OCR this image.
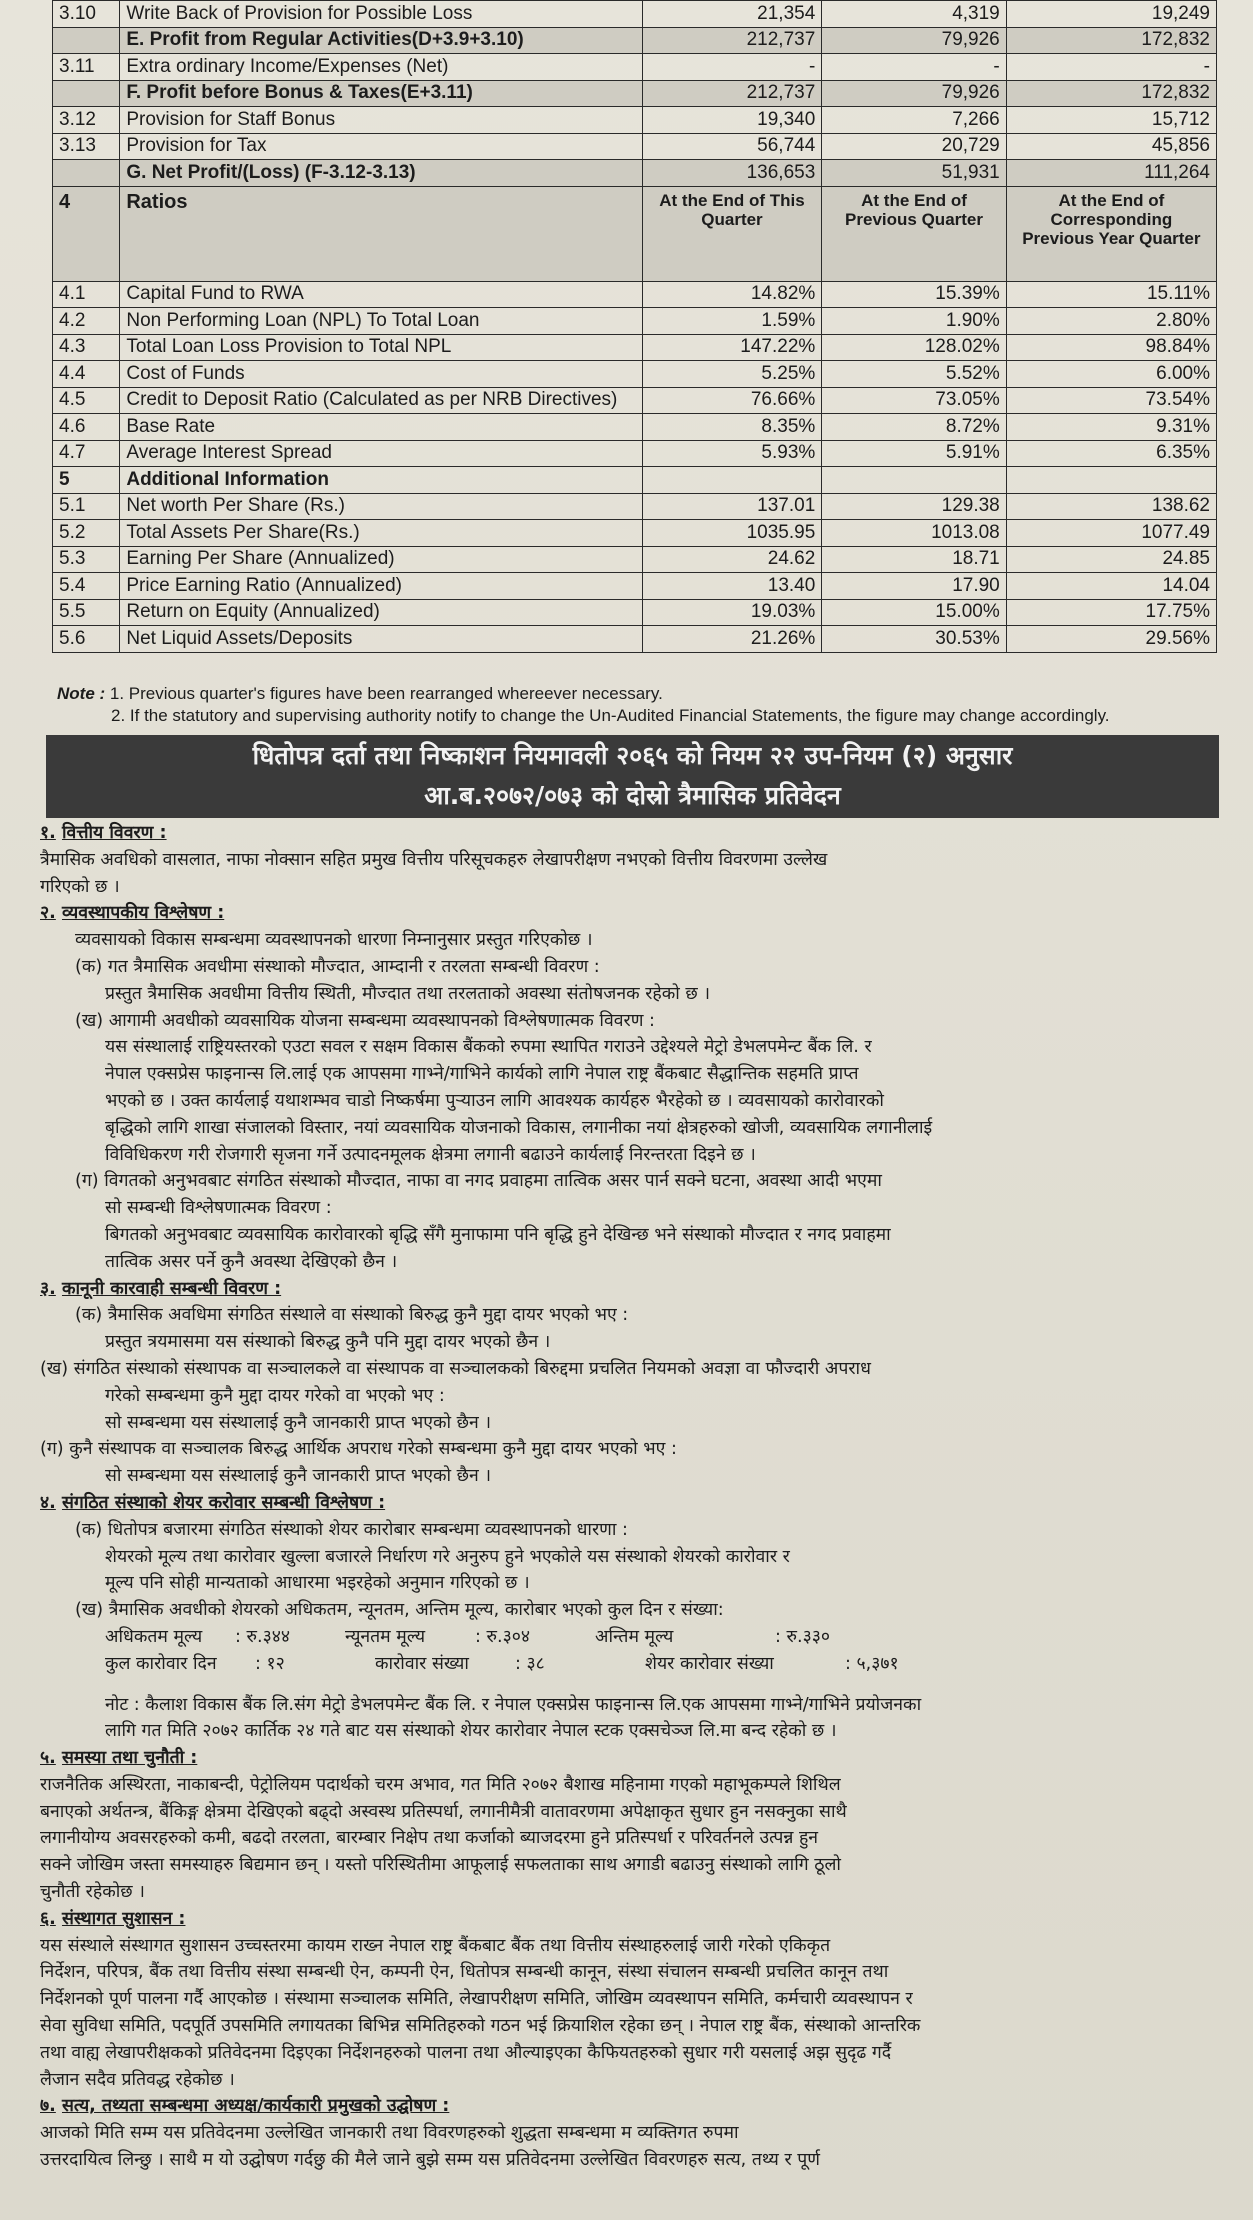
3.10	Write Back of Provision for Possible Loss	21,354	4,319	19,249
	E. Profit from Regular Activities(D+3.9+3.10)	212,737	79,926	172,832
3.11	Extra ordinary Income/Expenses (Net)	-	-	-
	F. Profit before Bonus & Taxes(E+3.11)	212,737	79,926	172,832
3.12	Provision for Staff Bonus	19,340	7,266	15,712
3.13	Provision for Tax	56,744	20,729	45,856
	G. Net Profit/(Loss) (F-3.12-3.13)	136,653	51,931	111,264
4	Ratios	At the End of This Quarter	At the End of Previous Quarter	At the End of Corresponding Previous Year Quarter
4.1	Capital Fund to RWA	14.82%	15.39%	15.11%
4.2	Non Performing Loan (NPL) To Total Loan	1.59%	1.90%	2.80%
4.3	Total Loan Loss Provision to Total NPL	147.22%	128.02%	98.84%
4.4	Cost of Funds	5.25%	5.52%	6.00%
4.5	Credit to Deposit Ratio (Calculated as per NRB Directives)	76.66%	73.05%	73.54%
4.6	Base Rate	8.35%	8.72%	9.31%
4.7	Average Interest Spread	5.93%	5.91%	6.35%
5	Additional Information			
5.1	Net worth Per Share (Rs.)	137.01	129.38	138.62
5.2	Total Assets Per Share(Rs.)	1035.95	1013.08	1077.49
5.3	Earning Per Share (Annualized)	24.62	18.71	24.85
5.4	Price Earning Ratio (Annualized)	13.40	17.90	14.04
5.5	Return on Equity (Annualized)	19.03%	15.00%	17.75%
5.6	Net Liquid Assets/Deposits	21.26%	30.53%	29.56%
Note : 1. Previous quarter's figures have been rearranged whereever necessary.
2. If the statutory and supervising authority notify to change the Un-Audited Financial Statements, the figure may change accordingly.
धितोपत्र दर्ता तथा निष्काशन नियमावली २०६५ को नियम २२ उप-नियम (२) अनुसार
आ.ब.२०७२/०७३ को दोस्रो त्रैमासिक प्रतिवेदन

१. वित्तीय विवरण :

त्रैमासिक अवधिको वासलात, नाफा नोक्सान सहित प्रमुख वित्तीय परिसूचकहरु लेखापरीक्षण नभएको वित्तीय विवरणमा उल्लेख

गरिएको छ ।

२. व्यवस्थापकीय विश्लेषण :

व्यवसायको विकास सम्बन्धमा व्यवस्थापनको धारणा निम्नानुसार प्रस्तुत गरिएकोछ ।

(क) गत त्रैमासिक अवधीमा संस्थाको मौज्दात, आम्दानी र तरलता सम्बन्धी विवरण :

प्रस्तुत त्रैमासिक अवधीमा वित्तीय स्थिती, मौज्दात तथा तरलताको अवस्था संतोषजनक रहेको छ ।

(ख) आगामी अवधीको व्यवसायिक योजना सम्बन्धमा व्यवस्थापनको विश्लेषणात्मक विवरण :

यस संस्थालाई राष्ट्रियस्तरको एउटा सवल र सक्षम विकास बैंकको रुपमा स्थापित गराउने उद्देश्यले मेट्रो डेभलपमेन्ट बैंक लि. र

नेपाल एक्सप्रेस फाइनान्स लि.लाई एक आपसमा गाभ्ने/गाभिने कार्यको लागि नेपाल राष्ट्र बैंकबाट सैद्धान्तिक सहमति प्राप्त

भएको छ । उक्त कार्यलाई यथाशम्भव चाडो निष्कर्षमा पुऱ्याउन लागि आवश्यक कार्यहरु भैरहेको छ । व्यवसायको कारोवारको

बृद्धिको लागि शाखा संजालको विस्तार, नयां व्यवसायिक योजनाको विकास, लगानीका नयां क्षेत्रहरुको खोजी, व्यवसायिक लगानीलाई

विविधिकरण गरी रोजगारी सृजना गर्ने उत्पादनमूलक क्षेत्रमा लगानी बढाउने कार्यलाई निरन्तरता दिइने छ ।

(ग) विगतको अनुभवबाट संगठित संस्थाको मौज्दात, नाफा वा नगद प्रवाहमा तात्विक असर पार्न सक्ने घटना, अवस्था आदी भएमा

सो सम्बन्धी विश्लेषणात्मक विवरण :

बिगतको अनुभवबाट व्यवसायिक कारोवारको बृद्धि सँगै मुनाफामा पनि बृद्धि हुने देखिन्छ भने संस्थाको मौज्दात र नगद प्रवाहमा

तात्विक असर पर्ने कुनै अवस्था देखिएको छैन ।

३. कानूनी कारवाही सम्बन्धी विवरण :

(क) त्रैमासिक अवधिमा संगठित संस्थाले वा संस्थाको बिरुद्ध कुनै मुद्दा दायर भएको भए :

प्रस्तुत त्रयमासमा यस संस्थाको बिरुद्ध कुनै पनि मुद्दा दायर भएको छैन ।

(ख) संगठित संस्थाको संस्थापक वा सञ्चालकले वा संस्थापक वा सञ्चालकको बिरुद्दमा प्रचलित नियमको अवज्ञा वा फौज्दारी अपराध

गरेको सम्बन्धमा कुनै मुद्दा दायर गरेको वा भएको भए :

सो सम्बन्धमा यस संस्थालाई कुनै जानकारी प्राप्त भएको छैन ।

(ग) कुनै संस्थापक वा सञ्चालक बिरुद्ध आर्थिक अपराध गरेको सम्बन्धमा कुनै मुद्दा दायर भएको भए :

सो सम्बन्धमा यस संस्थालाई कुनै जानकारी प्राप्त भएको छैन ।

४. संगठित संस्थाको शेयर करोवार सम्बन्धी विश्लेषण :

(क) धितोपत्र बजारमा संगठित संस्थाको शेयर कारोबार सम्बन्धमा व्यवस्थापनको धारणा :

शेयरको मूल्य तथा कारोवार खुल्ला बजारले निर्धारण गरे अनुरुप हुने भएकोले यस संस्थाको शेयरको कारोवार र

मूल्य पनि सोही मान्यताको आधारमा भइरहेको अनुमान गरिएको छ ।

(ख) त्रैमासिक अवधीको शेयरको अधिकतम, न्यूनतम, अन्तिम मूल्य, कारोबार भएको कुल दिन र संख्या:

अधिकतम मूल्य	: रु.३४४	न्यूनतम मूल्य	: रु.३०४	अन्तिम मूल्य	: रु.३३०

कुल कारोवार दिन	: १२	कारोवार संख्या	: ३८	शेयर कारोवार संख्या	: ५,३७१

नोट : कैलाश विकास बैंक लि.संग मेट्रो डेभलपमेन्ट बैंक लि. र नेपाल एक्सप्रेस फाइनान्स लि.एक आपसमा गाभ्ने/गाभिने प्रयोजनका

लागि गत मिति २०७२ कार्तिक २४ गते बाट यस संस्थाको शेयर कारोवार नेपाल स्टक एक्सचेञ्ज लि.मा बन्द रहेको छ ।

५. समस्या तथा चुनौती :

राजनैतिक अस्थिरता, नाकाबन्दी, पेट्रोलियम पदार्थको चरम अभाव, गत मिति २०७२ बैशाख महिनामा गएको महाभूकम्पले शिथिल

बनाएको अर्थतन्त्र, बैंकिङ्ग क्षेत्रमा देखिएको बढ्दो अस्वस्थ प्रतिस्पर्धा, लगानीमैत्री वातावरणमा अपेक्षाकृत सुधार हुन नसक्नुका साथै

लगानीयोग्य अवसरहरुको कमी, बढदो तरलता, बारम्बार निक्षेप तथा कर्जाको ब्याजदरमा हुने प्रतिस्पर्धा र परिवर्तनले उत्पन्न हुन

सक्ने जोखिम जस्ता समस्याहरु बिद्यमान छन् । यस्तो परिस्थितीमा आफूलाई सफलताका साथ अगाडी बढाउनु संस्थाको लागि ठूलो

चुनौती रहेकोछ ।

६. संस्थागत सुशासन :

यस संस्थाले संस्थागत सुशासन उच्चस्तरमा कायम राख्न नेपाल राष्ट्र बैंकबाट बैंक तथा वित्तीय संस्थाहरुलाई जारी गरेको एकिकृत

निर्देशन, परिपत्र, बैंक तथा वित्तीय संस्था सम्बन्धी ऐन, कम्पनी ऐन, धितोपत्र सम्बन्धी कानून, संस्था संचालन सम्बन्धी प्रचलित कानून तथा

निर्देशनको पूर्ण पालना गर्दै आएकोछ । संस्थामा सञ्चालक समिति, लेखापरीक्षण समिति, जोखिम व्यवस्थापन समिति, कर्मचारी व्यवस्थापन र

सेवा सुविधा समिति, पदपूर्ति उपसमिति लगायतका बिभिन्न समितिहरुको गठन भई क्रियाशिल रहेका छन् । नेपाल राष्ट्र बैंक, संस्थाको आन्तरिक

तथा वाह्य लेखापरीक्षकको प्रतिवेदनमा दिइएका निर्देशनहरुको पालना तथा औल्याइएका कैफियतहरुको सुधार गरी यसलाई अझ सुदृढ गर्दै

लैजान सदैव प्रतिवद्ध रहेकोछ ।

७. सत्य, तथ्यता सम्बन्धमा अध्यक्ष/कार्यकारी प्रमुखको उद्घोषण :

आजको मिति सम्म यस प्रतिवेदनमा उल्लेखित जानकारी तथा विवरणहरुको शुद्धता सम्बन्धमा म व्यक्तिगत रुपमा

उत्तरदायित्व लिन्छु । साथै म यो उद्घोषण गर्दछु की मैले जाने बुझे सम्म यस प्रतिवेदनमा उल्लेखित विवरणहरु सत्य, तथ्य र पूर्ण
